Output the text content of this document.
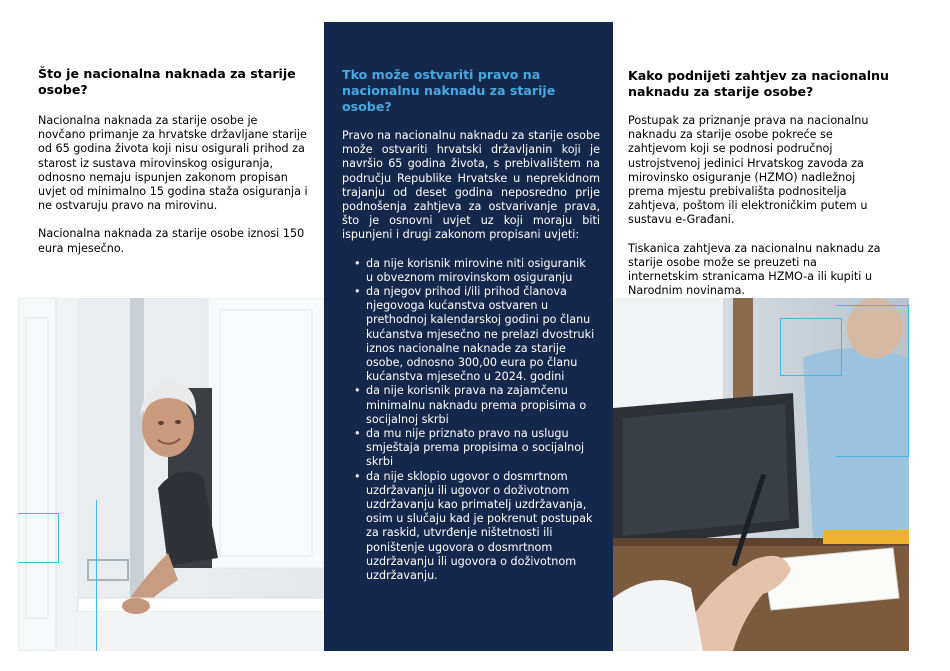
Što je nacionalna naknada za starije osobe?

Nacionalna naknada za starije osobe je novčano primanje za hrvatske državljane starije od 65 godina života koji nisu osigurali prihod za starost iz sustava mirovinskog osiguranja, odnosno nemaju ispunjen zakonom propisan uvjet od minimalno 15 godina staža osiguranja i ne ostvaruju pravo na mirovinu.

Nacionalna naknada za starije osobe iznosi 150 eura mjesečno.

Tko može ostvariti pravo na nacionalnu naknadu za starije osobe?

Pravo na nacionalnu naknadu za starije osobe može ostvariti hrvatski državljanin koji je navršio 65 godina života, s prebivalištem na području Republike Hrvatske u neprekidnom trajanju od deset godina neposredno prije podnošenja zahtjeva za ostvarivanje prava, što je osnovni uvjet uz koji moraju biti ispunjeni i drugi zakonom propisani uvjeti:

• da nije korisnik mirovine niti osiguranik u obveznom mirovinskom osiguranju
• da njegov prihod i/ili prihod članova njegovoga kućanstva ostvaren u prethodnoj kalendarskoj godini po članu kućanstva mjesečno ne prelazi dvostruki iznos nacionalne naknade za starije osobe, odnosno 300,00 eura po članu kućanstva mjesečno u 2024. godini
• da nije korisnik prava na zajamčenu minimalnu naknadu prema propisima o socijalnoj skrbi
• da mu nije priznato pravo na uslugu smještaja prema propisima o socijalnoj skrbi
• da nije sklopio ugovor o dosmrtnom uzdržavanju ili ugovor o doživotnom uzdržavanju kao primatelj uzdržavanja, osim u slučaju kad je pokrenut postupak za raskid, utvrđenje ništetnosti ili poništenje ugovora o dosmrtnom uzdržavanju ili ugovora o doživotnom uzdržavanju.
Kako podnijeti zahtjev za nacionalnu naknadu za starije osobe?

Postupak za priznanje prava na nacionalnu naknadu za starije osobe pokreće se zahtjevom koji se podnosi područnoj ustrojstvenoj jedinici Hrvatskog zavoda za mirovinsko osiguranje (HZMO) nadležnoj prema mjestu prebivališta podnositelja zahtjeva, poštom ili elektroničkim putem u sustavu e-Građani.

Tiskanica zahtjeva za nacionalnu naknadu za starije osobe može se preuzeti na internetskim stranicama HZMO-a ili kupiti u Narodnim novinama.
